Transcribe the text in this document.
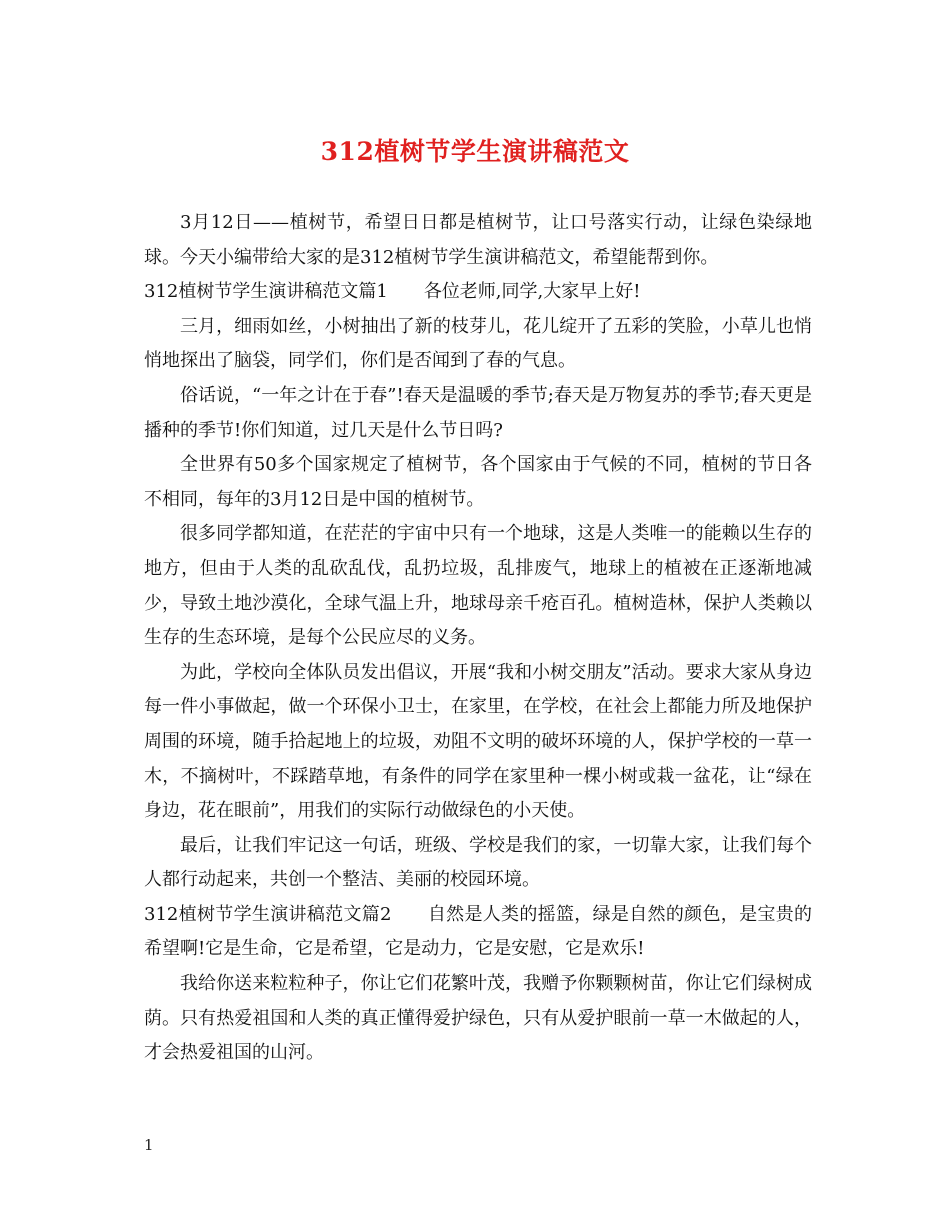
312植树节学生演讲稿范文

3月12日——植树节，希望日日都是植树节，让口号落实行动，让绿色染绿地球。今天小编带给大家的是312植树节学生演讲稿范文，希望能帮到你。

312植树节学生演讲稿范文篇1 各位老师,同学,大家早上好!

三月，细雨如丝，小树抽出了新的枝芽儿，花儿绽开了五彩的笑脸，小草儿也悄悄地探出了脑袋，同学们，你们是否闻到了春的气息。

俗话说，“一年之计在于春”!春天是温暖的季节;春天是万物复苏的季节;春天更是播种的季节!你们知道，过几天是什么节日吗?

全世界有50多个国家规定了植树节，各个国家由于气候的不同，植树的节日各不相同，每年的3月12日是中国的植树节。

很多同学都知道，在茫茫的宇宙中只有一个地球，这是人类唯一的能赖以生存的地方，但由于人类的乱砍乱伐，乱扔垃圾，乱排废气，地球上的植被在正逐渐地减少，导致土地沙漠化，全球气温上升，地球母亲千疮百孔。植树造林，保护人类赖以生存的生态环境，是每个公民应尽的义务。

为此，学校向全体队员发出倡议，开展“我和小树交朋友”活动。要求大家从身边每一件小事做起，做一个环保小卫士，在家里，在学校，在社会上都能力所及地保护周围的环境，随手拾起地上的垃圾，劝阻不文明的破坏环境的人，保护学校的一草一木，不摘树叶，不踩踏草地，有条件的同学在家里种一棵小树或栽一盆花，让“绿在身边，花在眼前”，用我们的实际行动做绿色的小天使。

最后，让我们牢记这一句话，班级、学校是我们的家，一切靠大家，让我们每个人都行动起来，共创一个整洁、美丽的校园环境。

312植树节学生演讲稿范文篇2 自然是人类的摇篮，绿是自然的颜色，是宝贵的希望啊!它是生命，它是希望，它是动力，它是安慰，它是欢乐!

我给你送来粒粒种子，你让它们花繁叶茂，我赠予你颗颗树苗，你让它们绿树成荫。只有热爱祖国和人类的真正懂得爱护绿色，只有从爱护眼前一草一木做起的人，才会热爱祖国的山河。

1
